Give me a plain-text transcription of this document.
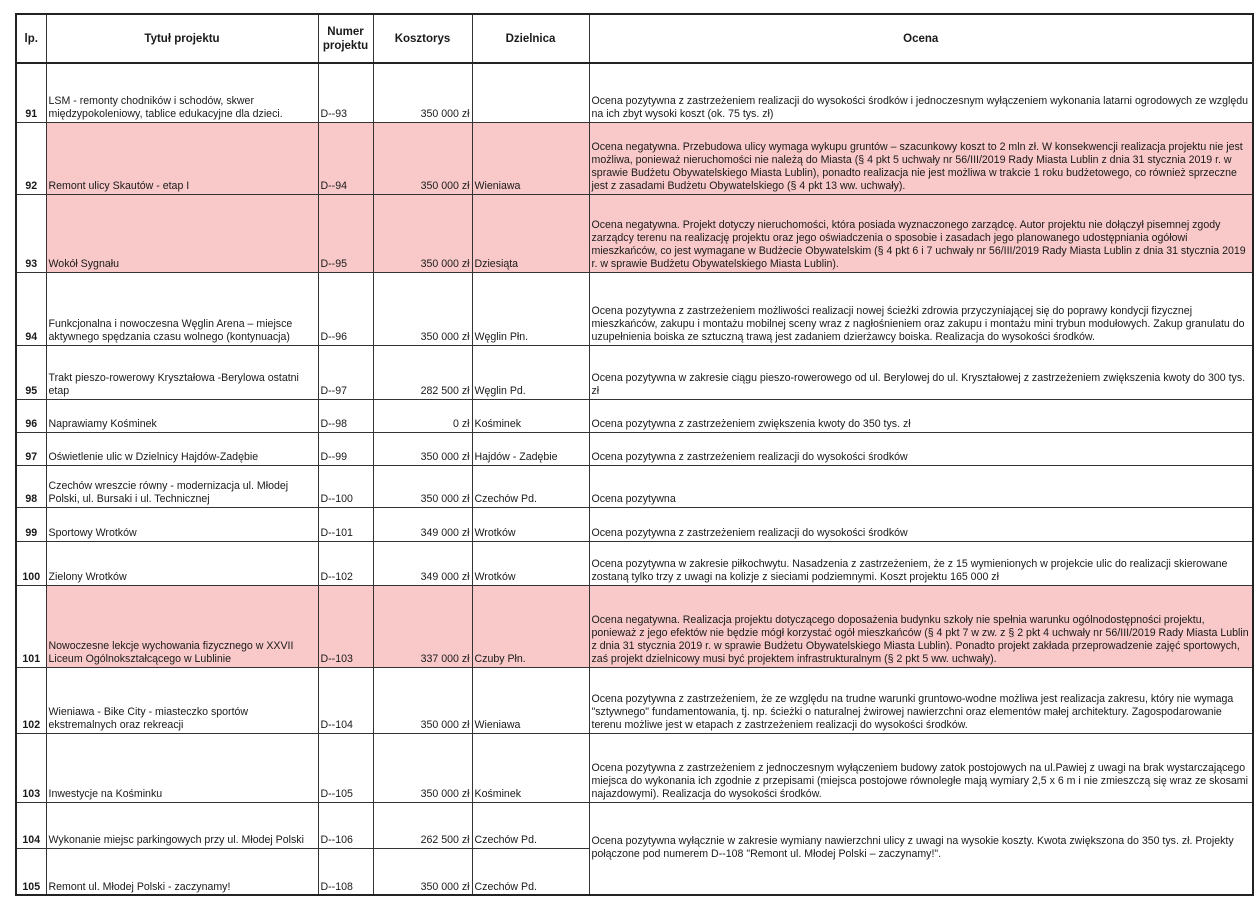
lp.	Tytuł projektu	Numer projektu	Kosztorys	Dzielnica	Ocena
91	LSM - remonty chodników i schodów, skwer międzypokoleniowy, tablice edukacyjne dla dzieci.	D--93	350 000 zł		Ocena pozytywna z zastrzeżeniem realizacji do wysokości środków i jednoczesnym wyłączeniem wykonania latarni ogrodowych ze względu na ich zbyt wysoki koszt (ok. 75 tys. zł)
92	Remont ulicy Skautów - etap I	D--94	350 000 zł	Wieniawa	Ocena negatywna. Przebudowa ulicy wymaga wykupu gruntów – szacunkowy koszt to 2 mln zł. W konsekwencji realizacja projektu nie jest możliwa, ponieważ nieruchomości nie należą do Miasta (§ 4 pkt 5 uchwały nr 56/III/2019 Rady Miasta Lublin z dnia 31 stycznia 2019 r. w sprawie Budżetu Obywatelskiego Miasta Lublin), ponadto realizacja nie jest możliwa w trakcie 1 roku budżetowego, co również sprzeczne jest z zasadami Budżetu Obywatelskiego (§ 4 pkt 13 ww. uchwały).
93	Wokół Sygnału	D--95	350 000 zł	Dziesiąta	Ocena negatywna. Projekt dotyczy nieruchomości, która posiada wyznaczonego zarządcę. Autor projektu nie dołączył pisemnej zgody zarządcy terenu na realizację projektu oraz jego oświadczenia o sposobie i zasadach jego planowanego udostępniania ogółowi mieszkańców, co jest wymagane w Budżecie Obywatelskim (§ 4 pkt 6 i 7 uchwały nr 56/III/2019 Rady Miasta Lublin z dnia 31 stycznia 2019 r. w sprawie Budżetu Obywatelskiego Miasta Lublin).
94	Funkcjonalna i nowoczesna Węglin Arena – miejsce aktywnego spędzania czasu wolnego (kontynuacja)	D--96	350 000 zł	Węglin Płn.	Ocena pozytywna z zastrzeżeniem możliwości realizacji nowej ścieżki zdrowia przyczyniającej się do poprawy kondycji fizycznej mieszkańców, zakupu i montażu mobilnej sceny wraz z nagłośnieniem oraz zakupu i montażu mini trybun modułowych. Zakup granulatu do uzupełnienia boiska ze sztuczną trawą jest zadaniem dzierżawcy boiska. Realizacja do wysokości środków.
95	Trakt pieszo-rowerowy Kryształowa -Berylowa ostatni etap	D--97	282 500 zł	Węglin Pd.	Ocena pozytywna w zakresie ciągu pieszo-rowerowego od ul. Berylowej do ul. Kryształowej z zastrzeżeniem zwiększenia kwoty do 300 tys. zł
96	Naprawiamy Kośminek	D--98	0 zł	Kośminek	Ocena pozytywna z zastrzeżeniem zwiększenia kwoty do 350 tys. zł
97	Oświetlenie ulic w Dzielnicy Hajdów-Zadębie	D--99	350 000 zł	Hajdów - Zadębie	Ocena pozytywna z zastrzeżeniem realizacji do wysokości środków
98	Czechów wreszcie równy - modernizacja ul. Młodej Polski, ul. Bursaki i ul. Technicznej	D--100	350 000 zł	Czechów Pd.	Ocena pozytywna
99	Sportowy Wrotków	D--101	349 000 zł	Wrotków	Ocena pozytywna z zastrzeżeniem realizacji do wysokości środków
100	Zielony Wrotków	D--102	349 000 zł	Wrotków	Ocena pozytywna w zakresie piłkochwytu. Nasadzenia z zastrzeżeniem, że z 15 wymienionych w projekcie ulic do realizacji skierowane zostaną tylko trzy z uwagi na kolizje z sieciami podziemnymi. Koszt projektu 165 000 zł
101	Nowoczesne lekcje wychowania fizycznego w XXVII Liceum Ogólnokształcącego w Lublinie	D--103	337 000 zł	Czuby Płn.	Ocena negatywna. Realizacja projektu dotyczącego doposażenia budynku szkoły nie spełnia warunku ogólnodostępności projektu, ponieważ z jego efektów nie będzie mógł korzystać ogół mieszkańców (§ 4 pkt 7 w zw. z § 2 pkt 4 uchwały nr 56/III/2019 Rady Miasta Lublin z dnia 31 stycznia 2019 r. w sprawie Budżetu Obywatelskiego Miasta Lublin). Ponadto projekt zakłada przeprowadzenie zajęć sportowych, zaś projekt dzielnicowy musi być projektem infrastrukturalnym (§ 2 pkt 5 ww. uchwały).
102	Wieniawa - Bike City - miasteczko sportów ekstremalnych oraz rekreacji	D--104	350 000 zł	Wieniawa	Ocena pozytywna z zastrzeżeniem, że ze względu na trudne warunki gruntowo-wodne możliwa jest realizacja zakresu, który nie wymaga "sztywnego" fundamentowania, tj. np. ścieżki o naturalnej żwirowej nawierzchni oraz elementów małej architektury. Zagospodarowanie terenu możliwe jest w etapach z zastrzeżeniem realizacji do wysokości środków.
103	Inwestycje na Kośminku	D--105	350 000 zł	Kośminek	Ocena pozytywna z zastrzeżeniem z jednoczesnym wyłączeniem budowy zatok postojowych na ul.Pawiej z uwagi na brak wystarczającego miejsca do wykonania ich zgodnie z przepisami (miejsca postojowe równoległe mają wymiary 2,5 x 6 m i nie zmieszczą się wraz ze skosami najazdowymi). Realizacja do wysokości środków.
104	Wykonanie miejsc parkingowych przy ul. Młodej Polski	D--106	262 500 zł	Czechów Pd.	Ocena pozytywna wyłącznie w zakresie wymiany nawierzchni ulicy z uwagi na wysokie koszty. Kwota zwiększona do 350 tys. zł. Projekty połączone pod numerem D--108 "Remont ul. Młodej Polski – zaczynamy!".
105	Remont ul. Młodej Polski - zaczynamy!	D--108	350 000 zł	Czechów Pd.	
